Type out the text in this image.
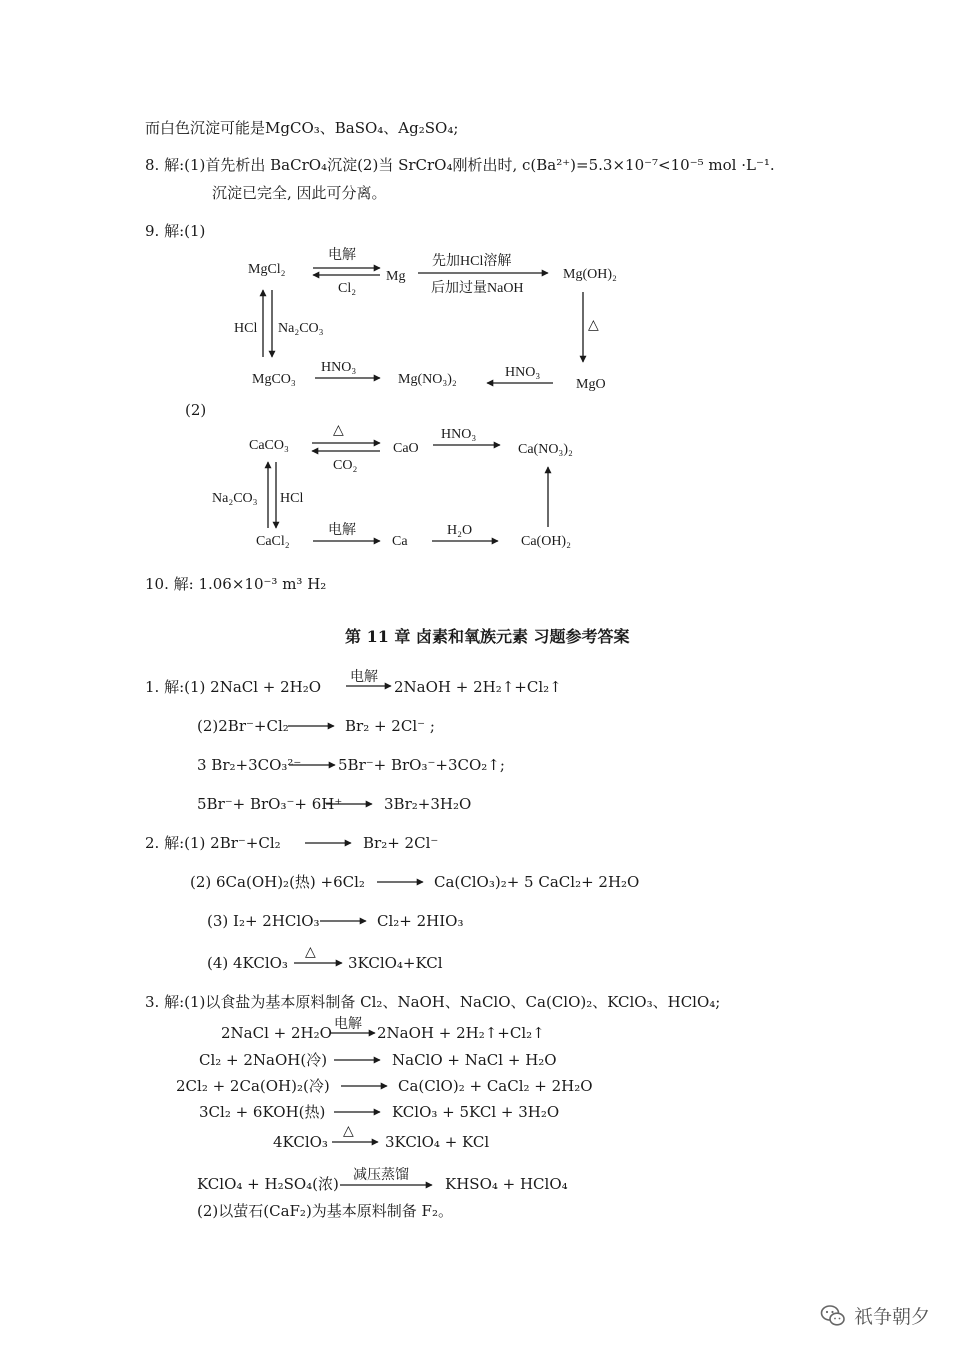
而白色沉淀可能是MgCO₃、BaSO₄、Ag₂SO₄;
8. 解:(1)首先析出 BaCrO₄沉淀(2)当 SrCrO₄刚析出时, c(Ba²⁺)=5.3×10⁻⁷<10⁻⁵ mol ·L⁻¹.
沉淀已完全, 因此可分离。
9. 解:(1)
MgCl₂	Mg	Mg(OH)₂
MgCO₃	Mg(NO₃)₂	MgO
电解
Cl₂
先加HCl溶解
后加过量NaOH
HCl Na₂CO₃	△
HNO₃	HNO₃
(2)
CaCO₃	CaO	Ca(NO₃)₂
CaCl₂	Ca	Ca(OH)₂
△
CO₂
HNO₃
Na₂CO₃ HCl
电解	H₂O
10. 解: 1.06×10⁻³ m³ H₂
第 11 章 卤素和氧族元素 习题参考答案
1. 解:(1) 2NaCl + 2H₂O
电解
2NaOH + 2H₂↑+Cl₂↑
(2)2Br⁻+Cl₂	Br₂ + 2Cl⁻ ;
3 Br₂+3CO₃²⁻ 5Br⁻+ BrO₃⁻+3CO₂↑;
5Br⁻+ BrO₃⁻+ 6H⁺	3Br₂+3H₂O
2. 解:(1) 2Br⁻+Cl₂	Br₂+ 2Cl⁻
(2) 6Ca(OH)₂(热) +6Cl₂	Ca(ClO₃)₂+ 5 CaCl₂+ 2H₂O
(3) I₂+ 2HClO₃	Cl₂+ 2HIO₃
(4) 4KClO₃
△
3KClO₄+KCl
3. 解:(1)以食盐为基本原料制备 Cl₂、NaOH、NaClO、Ca(ClO)₂、KClO₃、HClO₄;
2NaCl + 2H₂O 电解 2NaOH + 2H₂↑+Cl₂↑
Cl₂ + 2NaOH(冷)	NaClO + NaCl + H₂O
2Cl₂ + 2Ca(OH)₂(冷)	Ca(ClO)₂ + CaCl₂ + 2H₂O
3Cl₂ + 6KOH(热)	KClO₃ + 5KCl + 3H₂O
4KClO₃
△
3KClO₄ + KCl
KClO₄ + H₂SO₄(浓) 减压蒸馏 KHSO₄ + HClO₄
(2)以萤石(CaF₂)为基本原料制备 F₂。
祇争朝夕
